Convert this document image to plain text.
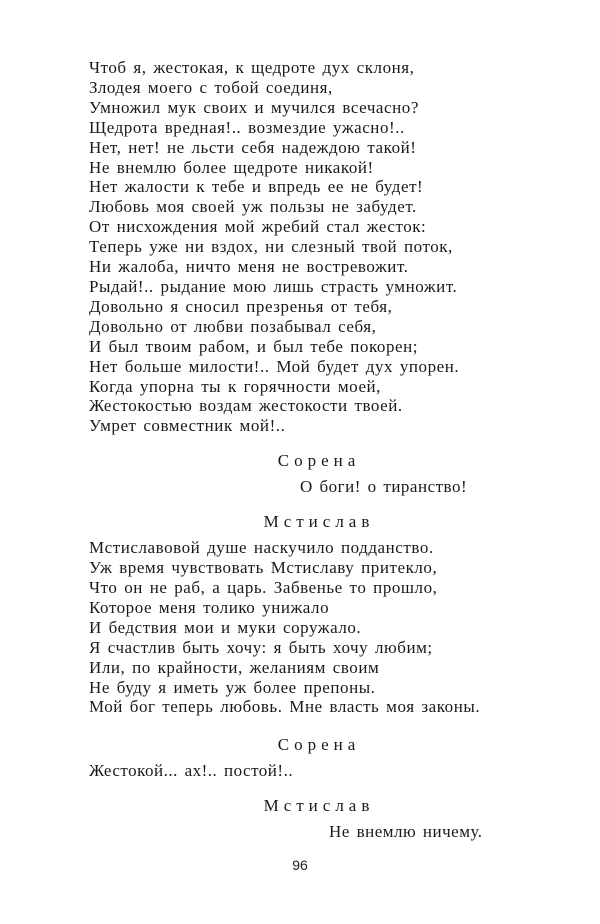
Чтоб я, жестокая, к щедроте дух склоня,
Злодея моего с тобой соединя,
Умножил мук своих и мучился всечасно?
Щедрота вредная!.. возмездие ужасно!..
Нет, нет! не льсти себя надеждою такой!
Не внемлю более щедроте никакой!
Нет жалости к тебе и впредь ее не будет!
Любовь моя своей уж пользы не забудет.
От нисхождения мой жребий стал жесток:
Теперь уже ни вздох, ни слезный твой поток,
Ни жалоба, ничто меня не востревожит.
Рыдай!.. рыдание мою лишь страсть умножит.
Довольно я сносил презренья от тебя,
Довольно от любви позабывал себя,
И был твоим рабом, и был тебе покорен;
Нет больше милости!.. Мой будет дух упорен.
Когда упорна ты к горячности моей,
Жестокостью воздам жестокости твоей.
Умрет совместник мой!..
Сорена
О боги! о тиранство!
Мстислав
Мстиславовой душе наскучило подданство.
Уж время чувствовать Мстиславу притекло,
Что он не раб, а царь. Забвенье то прошло,
Которое меня толико унижало
И бедствия мои и муки соружало.
Я счастлив быть хочу: я быть хочу любим;
Или, по крайности, желаниям своим
Не буду я иметь уж более препоны.
Мой бог теперь любовь. Мне власть моя законы.
Сорена
Жестокой... ах!.. постой!..
Мстислав
Не внемлю ничему.
96
